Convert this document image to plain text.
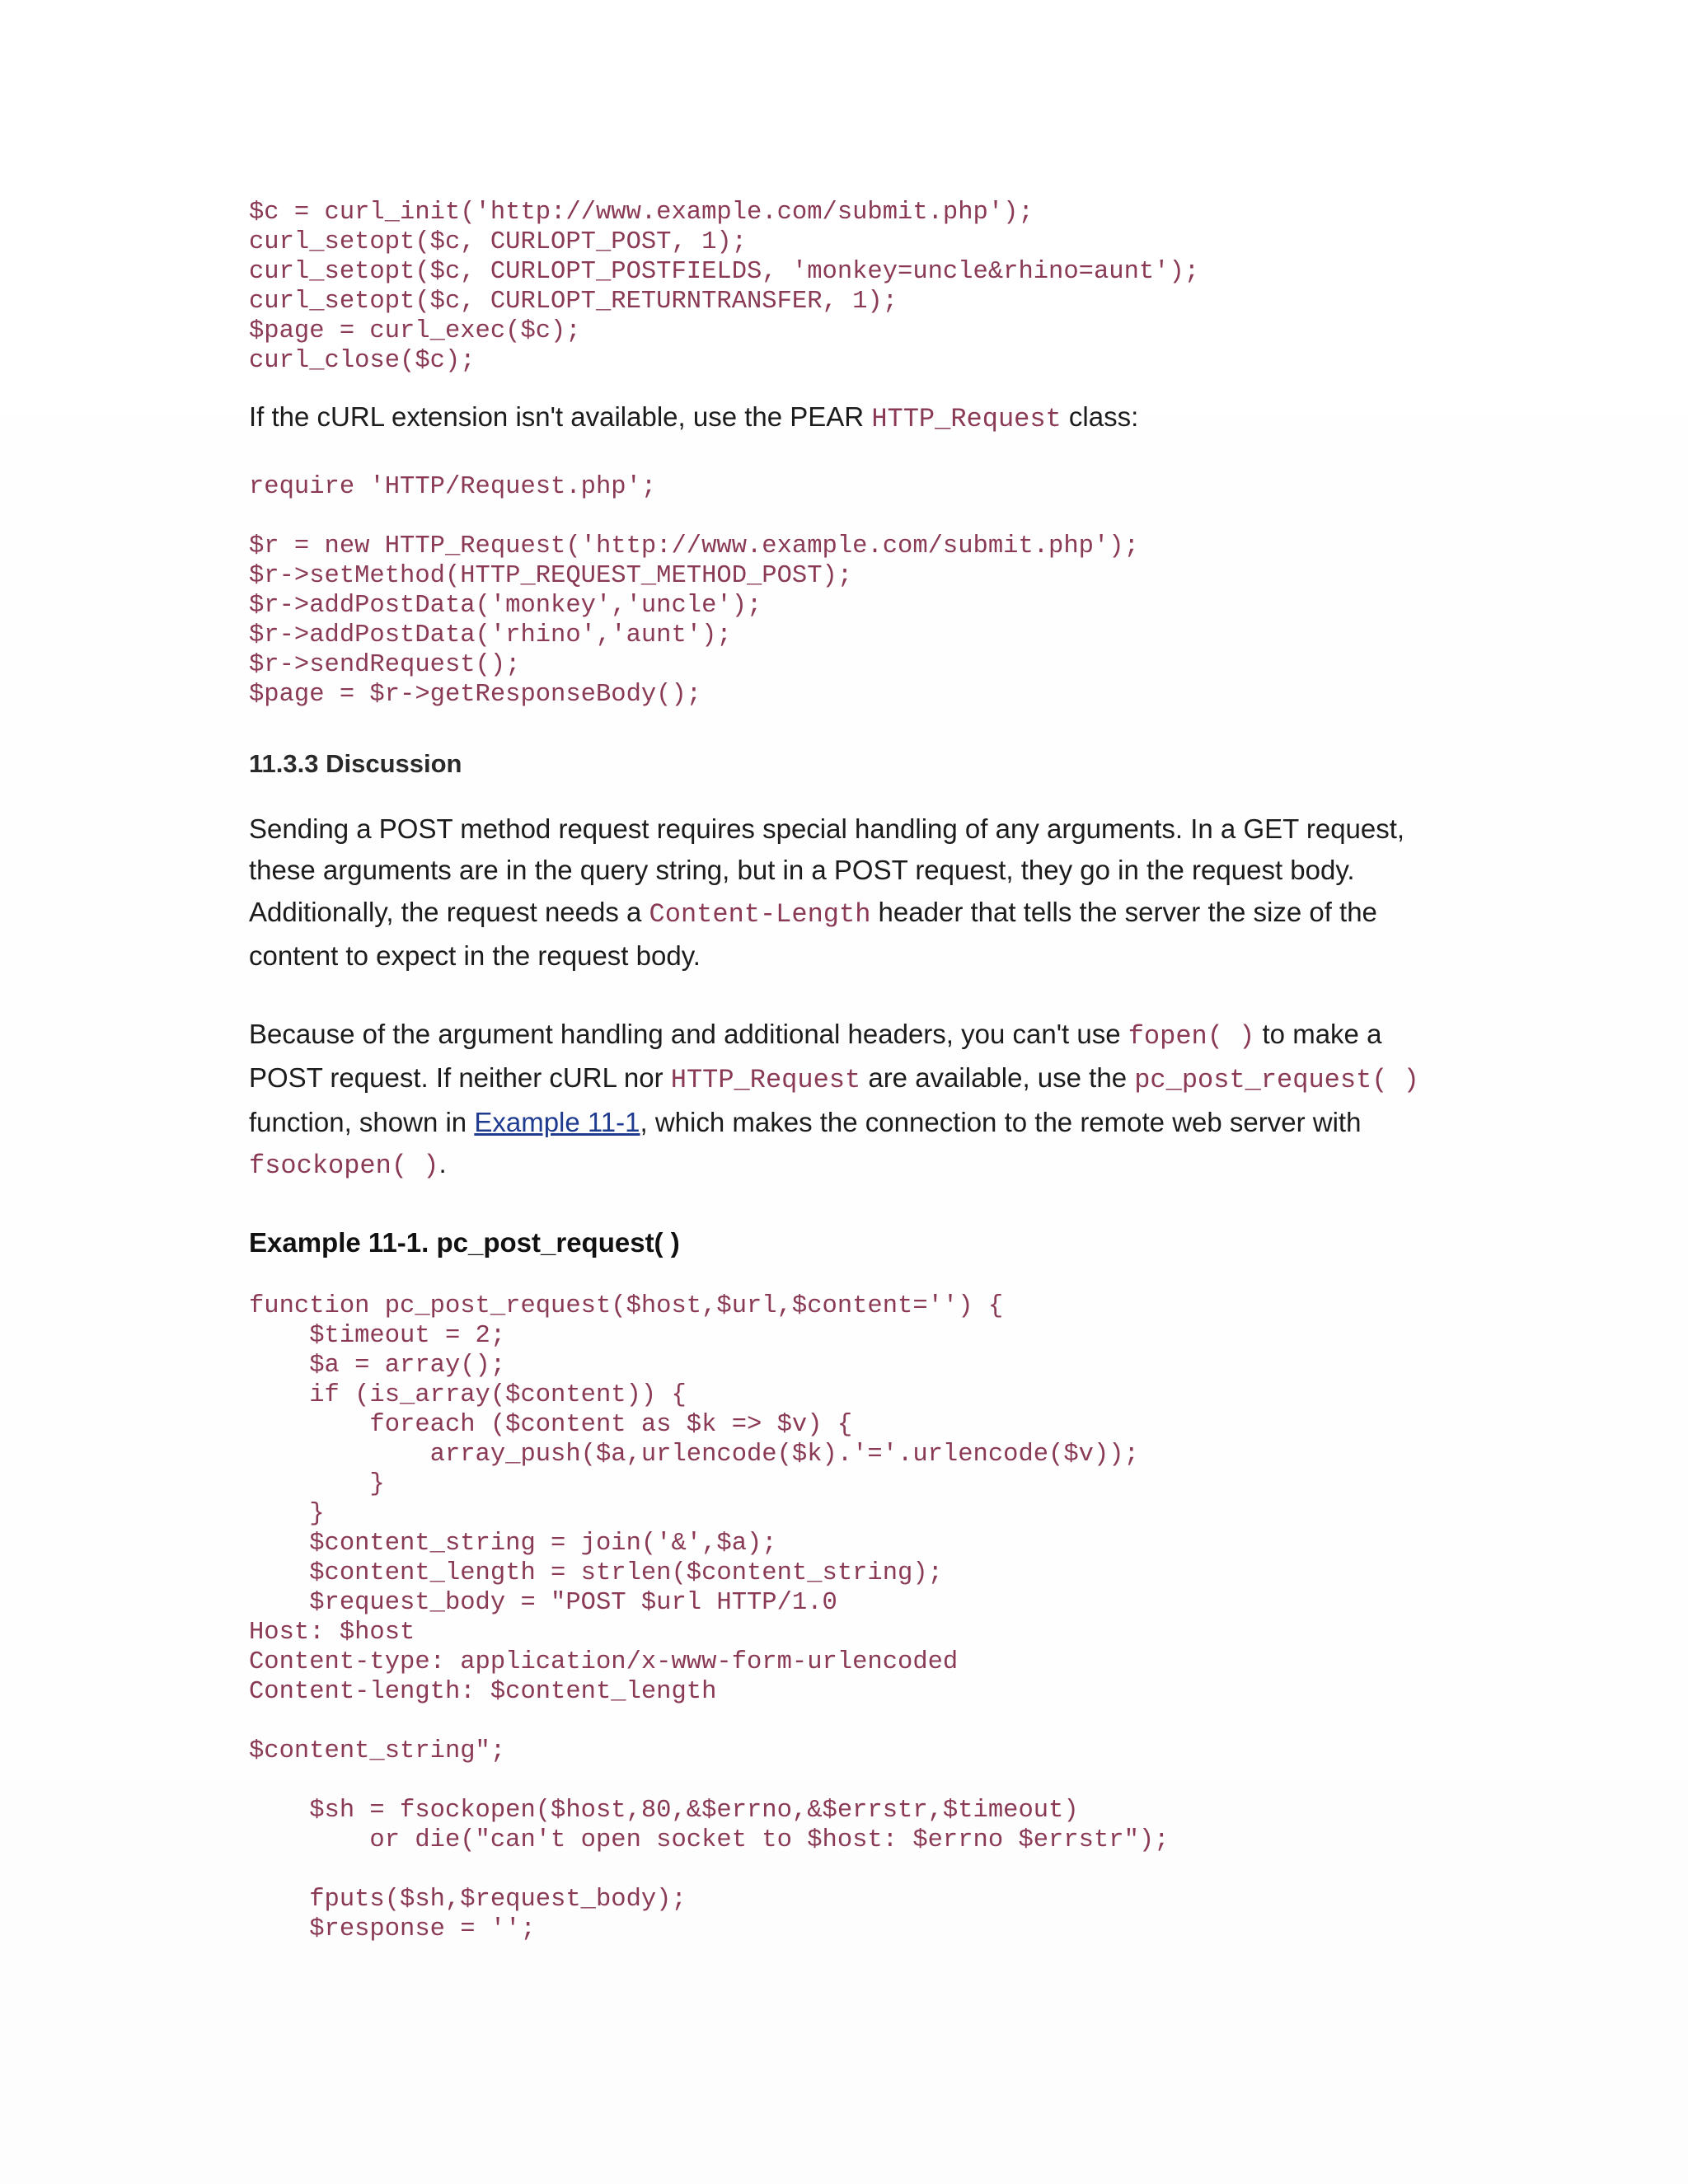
$c = curl_init('http://www.example.com/submit.php');
curl_setopt($c, CURLOPT_POST, 1);
curl_setopt($c, CURLOPT_POSTFIELDS, 'monkey=uncle&rhino=aunt');
curl_setopt($c, CURLOPT_RETURNTRANSFER, 1);
$page = curl_exec($c);
curl_close($c);

If the cURL extension isn't available, use the PEAR HTTP_Request class:

require 'HTTP/Request.php';
$r = new HTTP_Request('http://www.example.com/submit.php');
$r->setMethod(HTTP_REQUEST_METHOD_POST);
$r->addPostData('monkey','uncle');
$r->addPostData('rhino','aunt');
$r->sendRequest();
$page = $r->getResponseBody();
11.3.3 Discussion

Sending a POST method request requires special handling of any arguments. In a GET request, these arguments are in the query string, but in a POST request, they go in the request body. Additionally, the request needs a Content-Length header that tells the server the size of the content to expect in the request body.

Because of the argument handling and additional headers, you can't use fopen( ) to make a POST request. If neither cURL nor HTTP_Request are available, use the pc_post_request( ) function, shown in Example 11-1, which makes the connection to the remote web server with fsockopen( ).

Example 11-1. pc_post_request( )
function pc_post_request($host,$url,$content='') {
$timeout = 2;
$a = array();
if (is_array($content)) {
foreach ($content as $k => $v) {
array_push($a,urlencode($k).'='.urlencode($v));
}
}
$content_string = join('&',$a);
$content_length = strlen($content_string);
$request_body = "POST $url HTTP/1.0
Host: $host
Content-type: application/x-www-form-urlencoded
Content-length: $content_length
$content_string";
$sh = fsockopen($host,80,&$errno,&$errstr,$timeout)
or die("can't open socket to $host: $errno $errstr");
fputs($sh,$request_body);
$response = '';
